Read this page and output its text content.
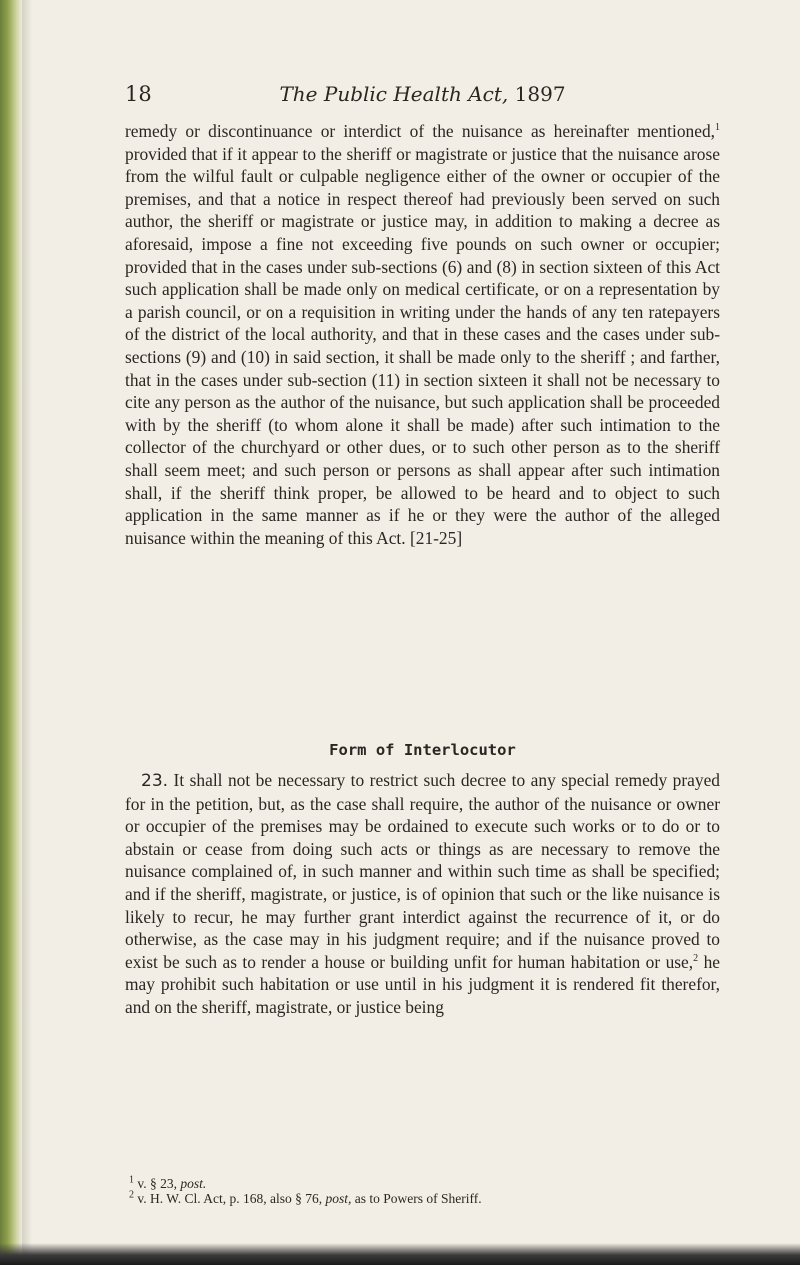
18	The Public Health Act, 1897

remedy or discontinuance or interdict of the nuisance as hereinafter mentioned,$^1$ provided that if it appear to the sheriff or magistrate or justice that the nuisance arose from the wilful fault or culpable negligence either of the owner or occupier of the premises, and that a notice in respect thereof had previously been served on such author, the sheriff or magistrate or justice may, in addition to making a decree as aforesaid, impose a fine not exceeding five pounds on such owner or occupier; provided that in the cases under sub-sections (6) and (8) in section sixteen of this Act such application shall be made only on medical certificate, or on a representation by a parish council, or on a requisition in writing under the hands of any ten ratepayers of the district of the local authority, and that in these cases and the cases under sub-sections (9) and (10) in said section, it shall be made only to the sheriff ; and farther, that in the cases under sub-section (11) in section sixteen it shall not be necessary to cite any person as the author of the nuisance, but such application shall be proceeded with by the sheriff (to whom alone it shall be made) after such intimation to the collector of the churchyard or other dues, or to such other person as to the sheriff shall seem meet; and such person or persons as shall appear after such intimation shall, if the sheriff think proper, be allowed to be heard and to object to such application in the same manner as if he or they were the author of the alleged nuisance within the meaning of this Act. [21-25]

Form of Interlocutor

23. It shall not be necessary to restrict such decree to any special remedy prayed for in the petition, but, as the case shall require, the author of the nuisance or owner or occupier of the premises may be ordained to execute such works or to do or to abstain or cease from doing such acts or things as are necessary to remove the nuisance complained of, in such manner and within such time as shall be specified; and if the sheriff, magistrate, or justice, is of opinion that such or the like nuisance is likely to recur, he may further grant interdict against the recurrence of it, or do otherwise, as the case may in his judgment require; and if the nuisance proved to exist be such as to render a house or building unfit for human habitation or use,$^2$ he may prohibit such habitation or use until in his judgment it is rendered fit therefor, and on the sheriff, magistrate, or justice being

$^1$ v. § 23, post.
$^2$ v. H. W. Cl. Act, p. 168, also § 76, post, as to Powers of Sheriff.
